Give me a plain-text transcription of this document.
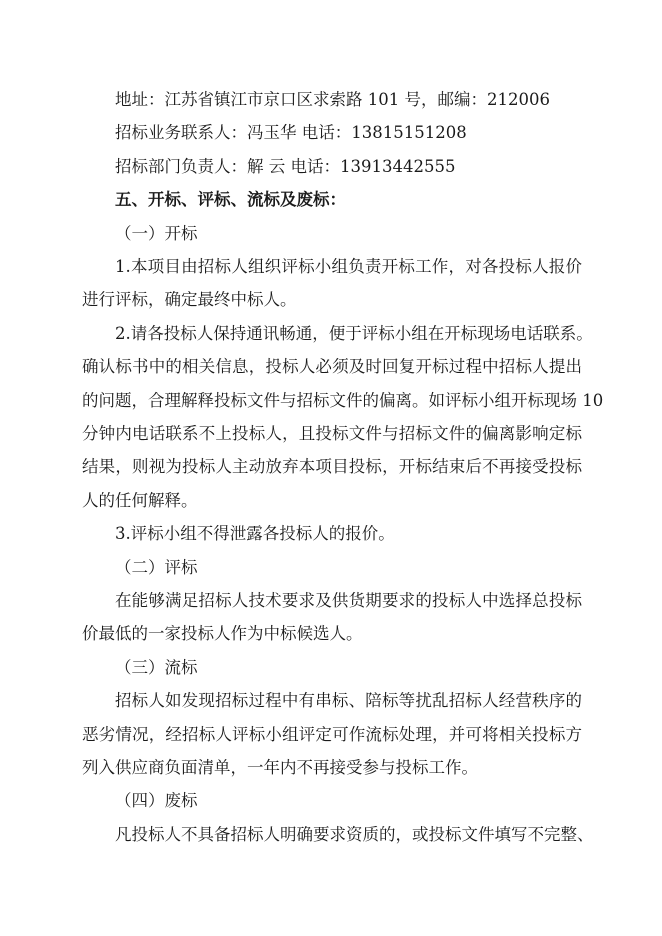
地址：江苏省镇江市京口区求索路 101 号，邮编：212006
招标业务联系人：冯玉华 电话：13815151208
招标部门负责人：解 云 电话：13913442555
五、开标、评标、流标及废标：
（一）开标
1.本项目由招标人组织评标小组负责开标工作，对各投标人报价
进行评标，确定最终中标人。
2.请各投标人保持通讯畅通，便于评标小组在开标现场电话联系。
确认标书中的相关信息，投标人必须及时回复开标过程中招标人提出
的问题，合理解释投标文件与招标文件的偏离。如评标小组开标现场 10
分钟内电话联系不上投标人，且投标文件与招标文件的偏离影响定标
结果，则视为投标人主动放弃本项目投标，开标结束后不再接受投标
人的任何解释。
3.评标小组不得泄露各投标人的报价。
（二）评标
在能够满足招标人技术要求及供货期要求的投标人中选择总投标
价最低的一家投标人作为中标候选人。
（三）流标
招标人如发现招标过程中有串标、陪标等扰乱招标人经营秩序的
恶劣情况，经招标人评标小组评定可作流标处理，并可将相关投标方
列入供应商负面清单，一年内不再接受参与投标工作。
（四）废标
凡投标人不具备招标人明确要求资质的，或投标文件填写不完整、
